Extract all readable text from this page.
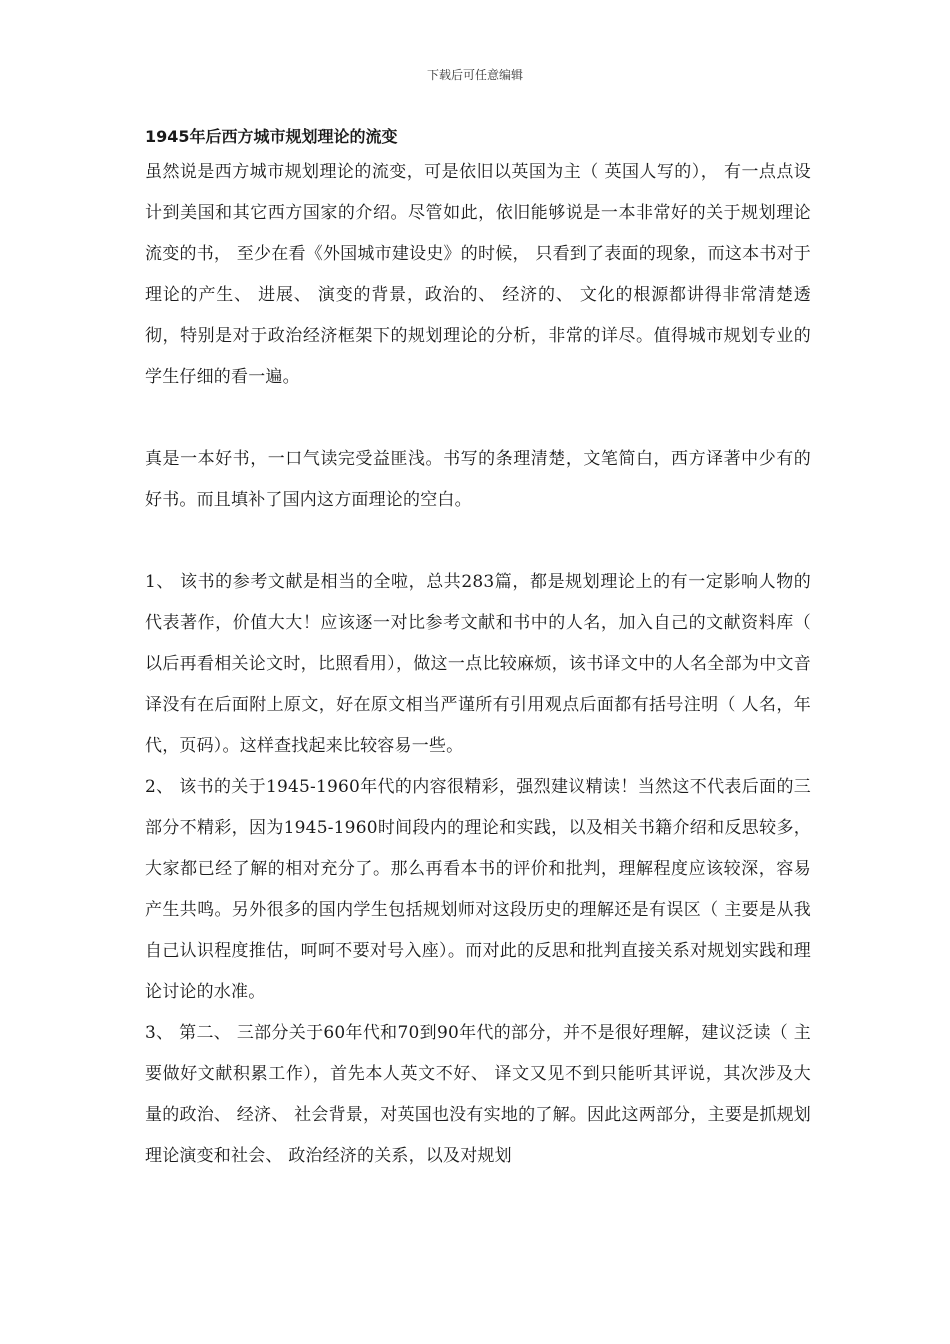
下载后可任意编辑
1945年后西方城市规划理论的流变

虽然说是西方城市规划理论的流变，可是依旧以英国为主（ 英国人写的）， 有一点点设计到美国和其它西方国家的介绍。尽管如此，依旧能够说是一本非常好的关于规划理论流变的书， 至少在看《外国城市建设史》的时候， 只看到了表面的现象，而这本书对于理论的产生、 进展、 演变的背景，政治的、 经济的、 文化的根源都讲得非常清楚透彻，特别是对于政治经济框架下的规划理论的分析，非常的详尽。值得城市规划专业的学生仔细的看一遍。

真是一本好书，一口气读完受益匪浅。书写的条理清楚，文笔简白，西方译著中少有的好书。而且填补了国内这方面理论的空白。

1、 该书的参考文献是相当的全啦，总共283篇，都是规划理论上的有一定影响人物的代表著作，价值大大！应该逐一对比参考文献和书中的人名，加入自己的文献资料库（ 以后再看相关论文时，比照看用），做这一点比较麻烦，该书译文中的人名全部为中文音译没有在后面附上原文，好在原文相当严谨所有引用观点后面都有括号注明（ 人名，年代，页码）。这样查找起来比较容易一些。

2、 该书的关于1945-1960年代的内容很精彩，强烈建议精读！当然这不代表后面的三部分不精彩，因为1945-1960时间段内的理论和实践，以及相关书籍介绍和反思较多，大家都已经了解的相对充分了。那么再看本书的评价和批判，理解程度应该较深，容易产生共鸣。另外很多的国内学生包括规划师对这段历史的理解还是有误区（ 主要是从我自己认识程度推估，呵呵不要对号入座）。而对此的反思和批判直接关系对规划实践和理论讨论的水准。

3、 第二、 三部分关于60年代和70到90年代的部分，并不是很好理解，建议泛读（ 主要做好文献积累工作），首先本人英文不好、 译文又见不到只能听其评说，其次涉及大量的政治、 经济、 社会背景，对英国也没有实地的了解。因此这两部分，主要是抓规划理论演变和社会、 政治经济的关系，以及对规划
